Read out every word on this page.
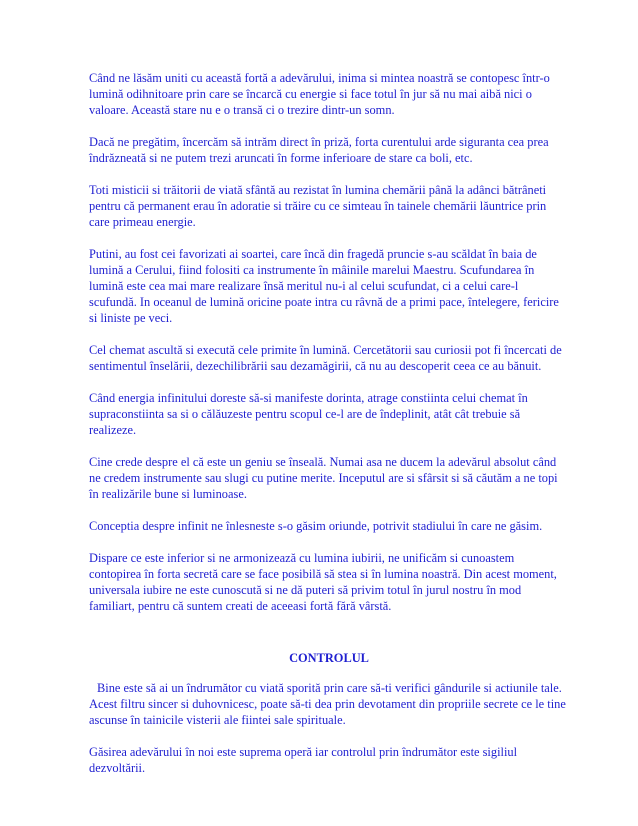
Când ne lăsăm uniti cu această fortă a adevărului, inima si mintea noastră se contopesc într-o lumină odihnitoare prin care se încarcă cu energie si face totul în jur să nu mai aibă nici o valoare. Această stare nu e o transă ci o trezire dintr-un somn.

Dacă ne pregătim, încercăm să intrăm direct în priză, forta curentului arde siguranta cea prea îndrăzneată si ne putem trezi aruncati în forme inferioare de stare ca boli, etc.

Toti misticii si trăitorii de viată sfântă au rezistat în lumina chemării până la adânci bătrâneti pentru că permanent erau în adoratie si trăire cu ce simteau în tainele chemării lăuntrice prin care primeau energie.

Putini, au fost cei favorizati ai soartei, care încă din fragedă pruncie s-au scăldat în baia de lumină a Cerului, fiind folositi ca instrumente în mâinile marelui Maestru. Scufundarea în lumină este cea mai mare realizare însă meritul nu-i al celui scufundat, ci a celui care-l scufundă. In oceanul de lumină oricine poate intra cu râvnă de a primi pace, întelegere, fericire si liniste pe veci.

Cel chemat ascultă si execută cele primite în lumină. Cercetătorii sau curiosii pot fi încercati de sentimentul înselării, dezechilibrării sau dezamăgirii, că nu au descoperit ceea ce au bănuit.

Când energia infinitului doreste să-si manifeste dorinta, atrage constiinta celui chemat în supraconstiinta sa si o călăuzeste pentru scopul ce-l are de îndeplinit, atât cât trebuie să realizeze.

Cine crede despre el că este un geniu se înseală. Numai asa ne ducem la adevărul absolut când ne credem instrumente sau slugi cu putine merite. Inceputul are si sfârsit si să căutăm a ne topi în realizările bune si luminoase.

Conceptia despre infinit ne înlesneste s-o găsim oriunde, potrivit stadiului în care ne găsim.

Dispare ce este inferior si ne armonizează cu lumina iubirii, ne unificăm si cunoastem contopirea în forta secretă care se face posibilă să stea si în lumina noastră. Din acest moment, universala iubire ne este cunoscută si ne dă puteri să privim totul în jurul nostru în mod familiart, pentru că suntem creati de aceeasi fortă fără vârstă.

CONTROLUL

Bine este să ai un îndrumător cu viată sporită prin care să-ti verifici gândurile si actiunile tale. Acest filtru sincer si duhovnicesc, poate să-ti dea prin devotament din propriile secrete ce le tine ascunse în tainicile visterii ale fiintei sale spirituale.

Găsirea adevărului în noi este suprema operă iar controlul prin îndrumător este sigiliul dezvoltării.
